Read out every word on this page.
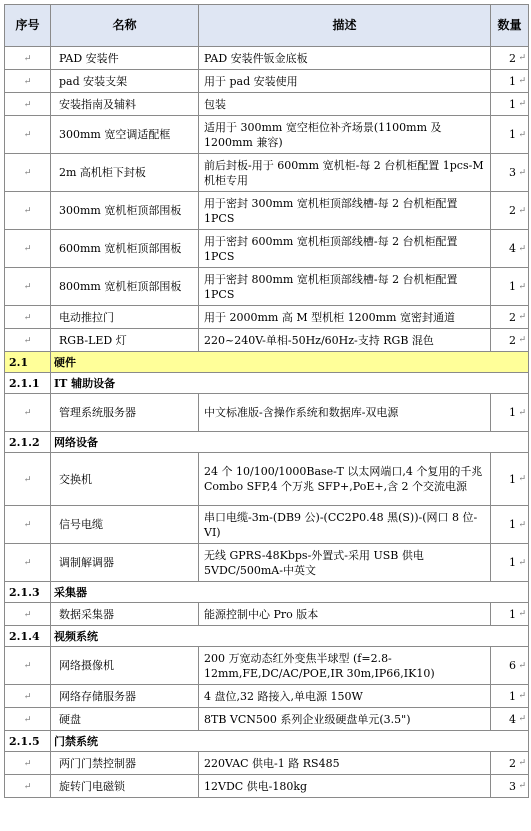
序号	名称	描述	数量
↵	PAD 安装件	PAD 安装件钣金底板	2 ↵

↵	pad 安装支架	用于 pad 安装使用	1 ↵

↵	安装指南及辅料	包装	1 ↵

↵	300mm 宽空调适配框	适用于 300mm 宽空柜位补齐场景(1100mm 及 1200mm 兼容)	1 ↵

↵	2m 高机柜下封板	前后封板-用于 600mm 宽机柜-每 2 台机柜配置 1pcs-M 机柜专用	3 ↵

↵	300mm 宽机柜顶部围板	用于密封 300mm 宽机柜顶部线槽-每 2 台机柜配置 1PCS	2 ↵

↵	600mm 宽机柜顶部围板	用于密封 600mm 宽机柜顶部线槽-每 2 台机柜配置 1PCS	4 ↵

↵	800mm 宽机柜顶部围板	用于密封 800mm 宽机柜顶部线槽-每 2 台机柜配置 1PCS	1 ↵

↵	电动推拉门	用于 2000mm 高 M 型机柜 1200mm 宽密封通道	2 ↵

↵	RGB-LED 灯	220~240V-单相-50Hz/60Hz-支持 RGB 混色	2 ↵

2.1	硬件		
2.1.1	IT 辅助设备		
↵	管理系统服务器	中文标准版-含操作系统和数据库-双电源	1 ↵

2.1.2	网络设备		
↵	交换机	24 个 10/100/1000Base-T 以太网端口,4 个复用的千兆 Combo SFP,4 个万兆 SFP+,PoE+,含 2 个交流电源	1 ↵

↵	信号电缆	串口电缆-3m-(DB9 公)-(CC2P0.48 黑(S))-(网口 8 位-VI)	1 ↵

↵	调制解调器	无线 GPRS-48Kbps-外置式-采用 USB 供电 5VDC/500mA-中英文	1 ↵

2.1.3	采集器		
↵	数据采集器	能源控制中心 Pro 版本	1 ↵

2.1.4	视频系统		
↵	网络摄像机	200 万宽动态红外变焦半球型 (f=2.8-12mm,FE,DC/AC/POE,IR 30m,IP66,IK10)	6 ↵

↵	网络存储服务器	4 盘位,32 路接入,单电源 150W	1 ↵

↵	硬盘	8TB VCN500 系列企业级硬盘单元(3.5")	4 ↵

2.1.5	门禁系统		
↵	两门门禁控制器	220VAC 供电-1 路 RS485	2 ↵

↵	旋转门电磁锁	12VDC 供电-180kg	3 ↵
